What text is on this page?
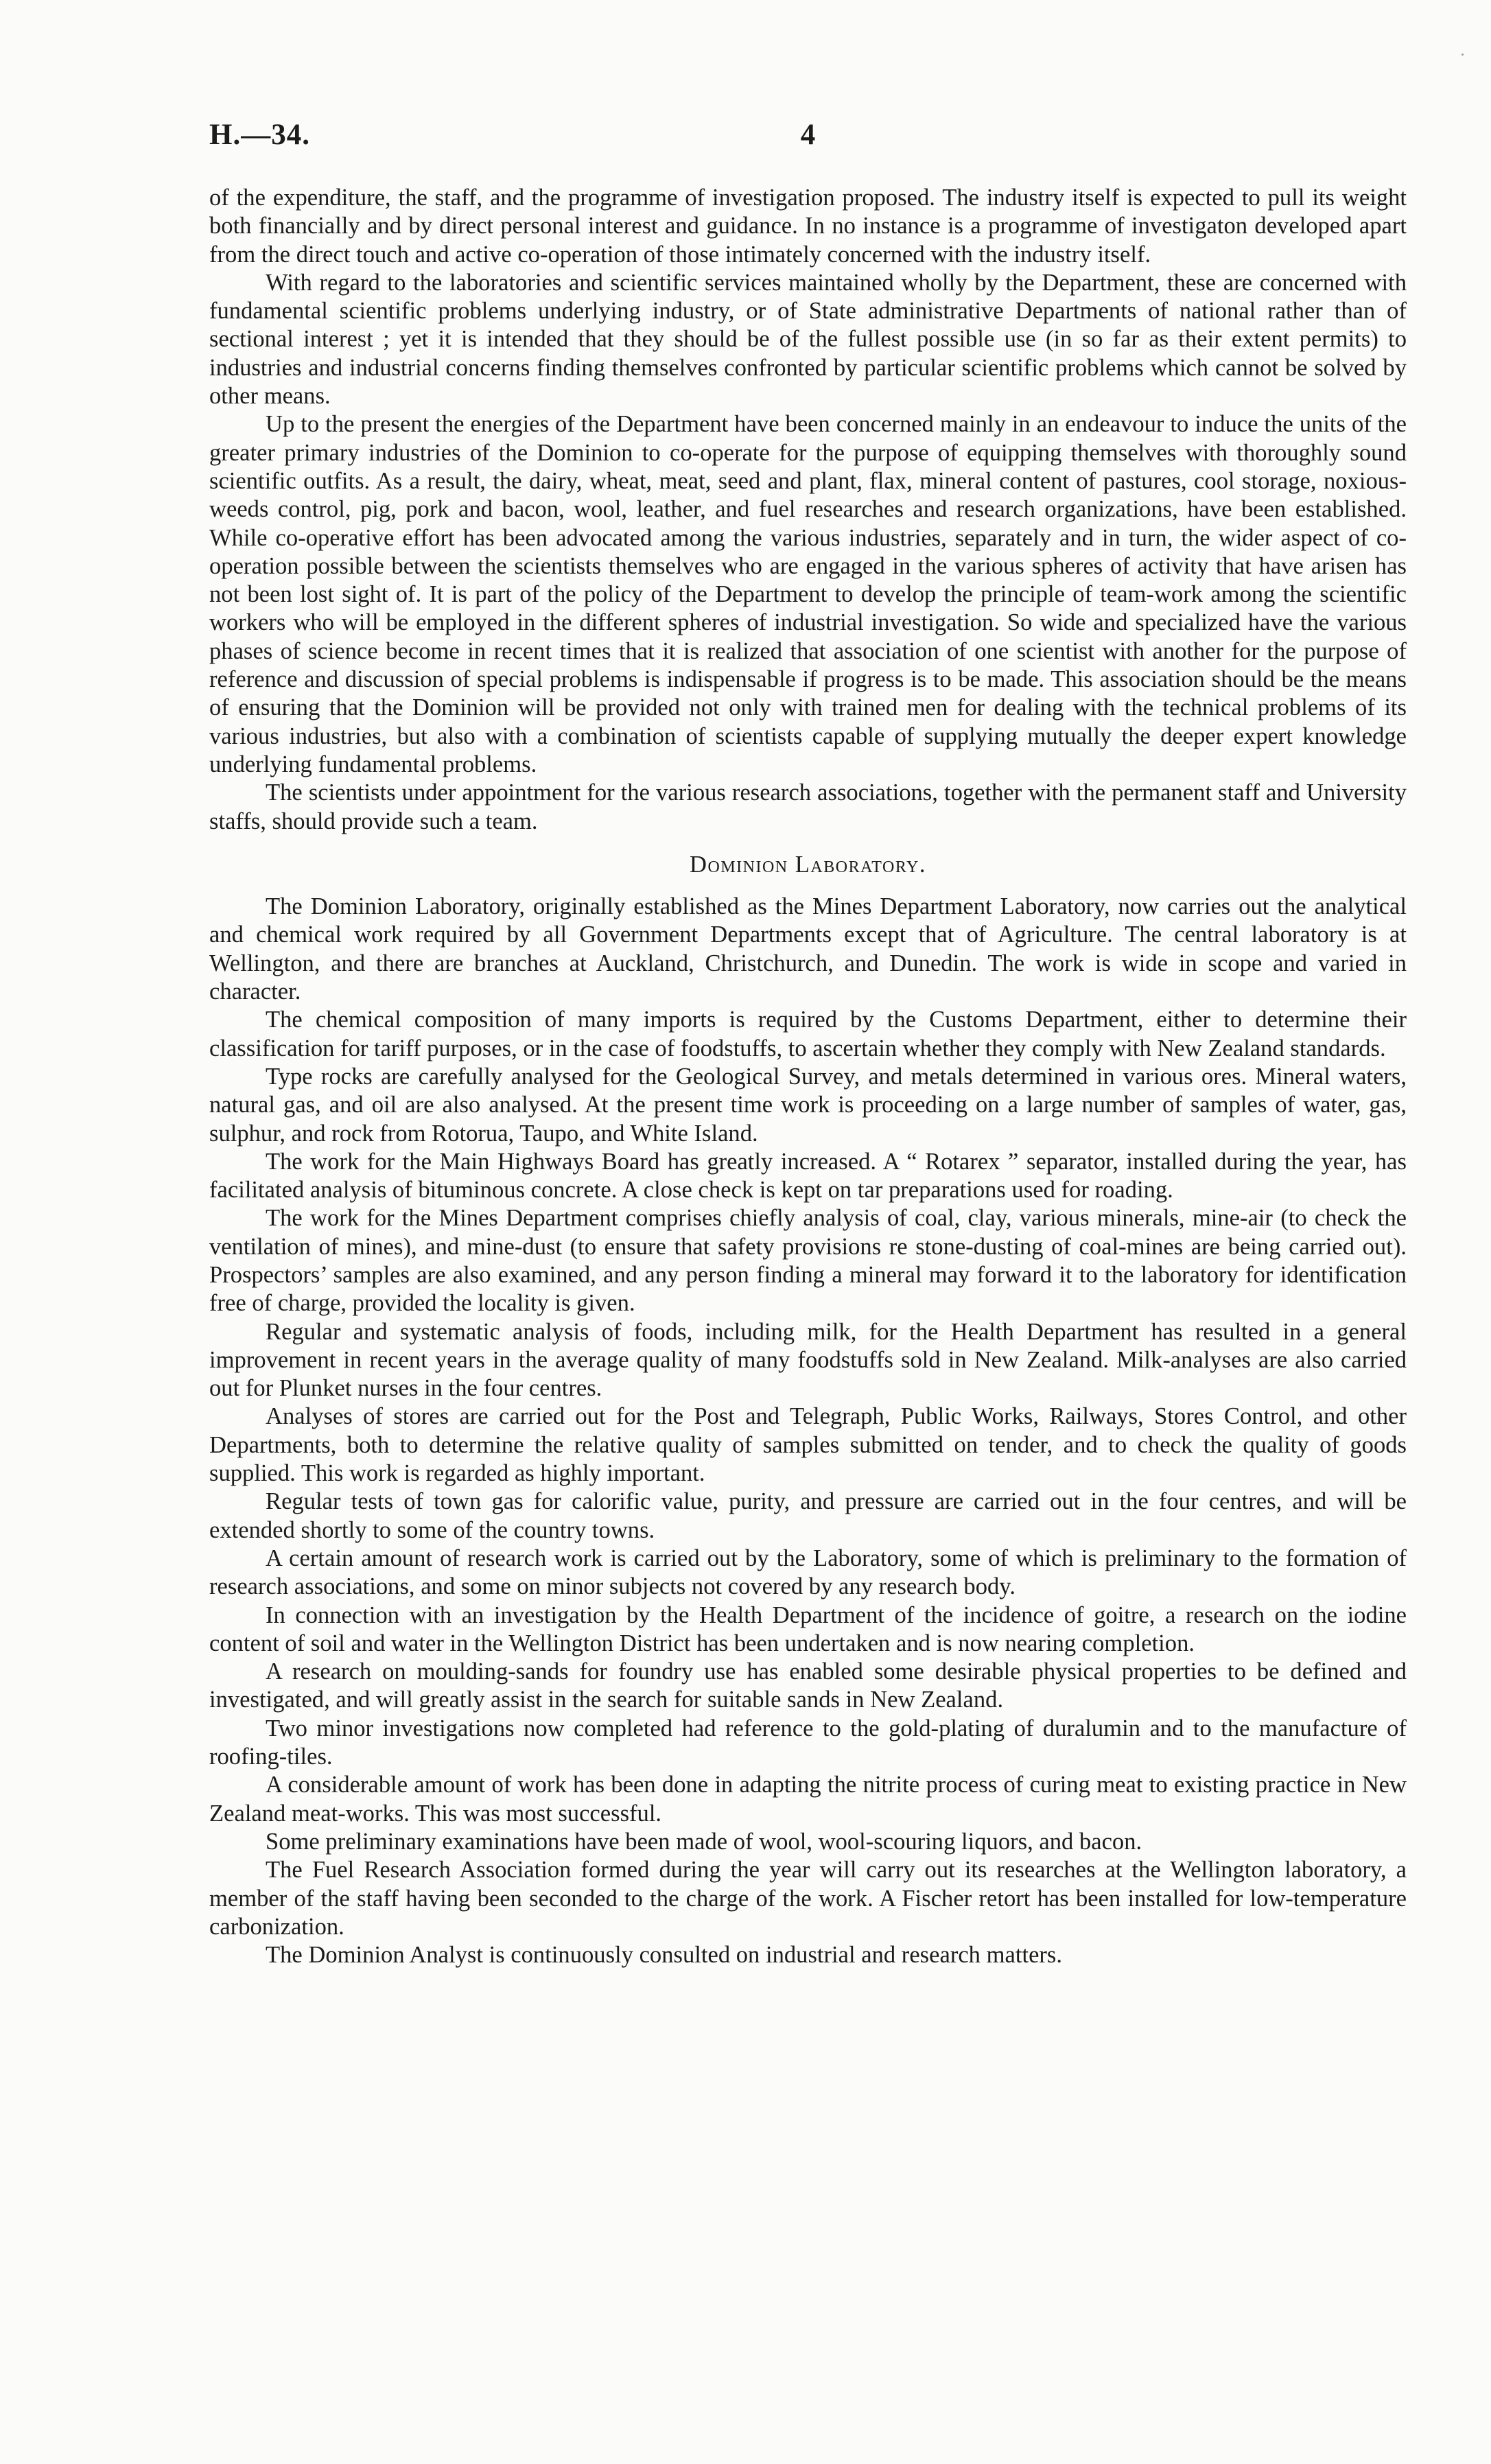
H.—34.	4

of the expenditure, the staff, and the programme of investigation proposed. The industry itself is expected to pull its weight both financially and by direct personal interest and guidance. In no instance is a programme of investigaton developed apart from the direct touch and active co-operation of those intimately concerned with the industry itself.

With regard to the laboratories and scientific services maintained wholly by the Department, these are concerned with fundamental scientific problems underlying industry, or of State administrative Departments of national rather than of sectional interest ; yet it is intended that they should be of the fullest possible use (in so far as their extent permits) to industries and industrial concerns finding themselves confronted by particular scientific problems which cannot be solved by other means.

Up to the present the energies of the Department have been concerned mainly in an endeavour to induce the units of the greater primary industries of the Dominion to co-operate for the purpose of equipping themselves with thoroughly sound scientific outfits. As a result, the dairy, wheat, meat, seed and plant, flax, mineral content of pastures, cool storage, noxious-weeds control, pig, pork and bacon, wool, leather, and fuel researches and research organizations, have been established. While co-operative effort has been advocated among the various industries, separately and in turn, the wider aspect of co-operation possible between the scientists themselves who are engaged in the various spheres of activity that have arisen has not been lost sight of. It is part of the policy of the Department to develop the principle of team-work among the scientific workers who will be employed in the different spheres of industrial investigation. So wide and specialized have the various phases of science become in recent times that it is realized that association of one scientist with another for the purpose of reference and discussion of special problems is indispensable if progress is to be made. This association should be the means of ensuring that the Dominion will be provided not only with trained men for dealing with the technical problems of its various industries, but also with a combination of scientists capable of supplying mutually the deeper expert knowledge underlying fundamental problems.

The scientists under appointment for the various research associations, together with the permanent staff and University staffs, should provide such a team.

Dominion Laboratory.

The Dominion Laboratory, originally established as the Mines Department Laboratory, now carries out the analytical and chemical work required by all Government Departments except that of Agriculture. The central laboratory is at Wellington, and there are branches at Auckland, Christchurch, and Dunedin. The work is wide in scope and varied in character.

The chemical composition of many imports is required by the Customs Department, either to determine their classification for tariff purposes, or in the case of foodstuffs, to ascertain whether they comply with New Zealand standards.

Type rocks are carefully analysed for the Geological Survey, and metals determined in various ores. Mineral waters, natural gas, and oil are also analysed. At the present time work is proceeding on a large number of samples of water, gas, sulphur, and rock from Rotorua, Taupo, and White Island.

The work for the Main Highways Board has greatly increased. A “ Rotarex ” separator, installed during the year, has facilitated analysis of bituminous concrete. A close check is kept on tar preparations used for roading.

The work for the Mines Department comprises chiefly analysis of coal, clay, various minerals, mine-air (to check the ventilation of mines), and mine-dust (to ensure that safety provisions re stone-dusting of coal-mines are being carried out). Prospectors’ samples are also examined, and any person finding a mineral may forward it to the laboratory for identification free of charge, provided the locality is given.

Regular and systematic analysis of foods, including milk, for the Health Department has resulted in a general improvement in recent years in the average quality of many foodstuffs sold in New Zealand. Milk-analyses are also carried out for Plunket nurses in the four centres.

Analyses of stores are carried out for the Post and Telegraph, Public Works, Railways, Stores Control, and other Departments, both to determine the relative quality of samples submitted on tender, and to check the quality of goods supplied. This work is regarded as highly important.

Regular tests of town gas for calorific value, purity, and pressure are carried out in the four centres, and will be extended shortly to some of the country towns.

A certain amount of research work is carried out by the Laboratory, some of which is preliminary to the formation of research associations, and some on minor subjects not covered by any research body.

In connection with an investigation by the Health Department of the incidence of goitre, a research on the iodine content of soil and water in the Wellington District has been undertaken and is now nearing completion.

A research on moulding-sands for foundry use has enabled some desirable physical properties to be defined and investigated, and will greatly assist in the search for suitable sands in New Zealand.

Two minor investigations now completed had reference to the gold-plating of duralumin and to the manufacture of roofing-tiles.

A considerable amount of work has been done in adapting the nitrite process of curing meat to existing practice in New Zealand meat-works. This was most successful.

Some preliminary examinations have been made of wool, wool-scouring liquors, and bacon.

The Fuel Research Association formed during the year will carry out its researches at the Wellington laboratory, a member of the staff having been seconded to the charge of the work. A Fischer retort has been installed for low-temperature carbonization.

The Dominion Analyst is continuously consulted on industrial and research matters.
